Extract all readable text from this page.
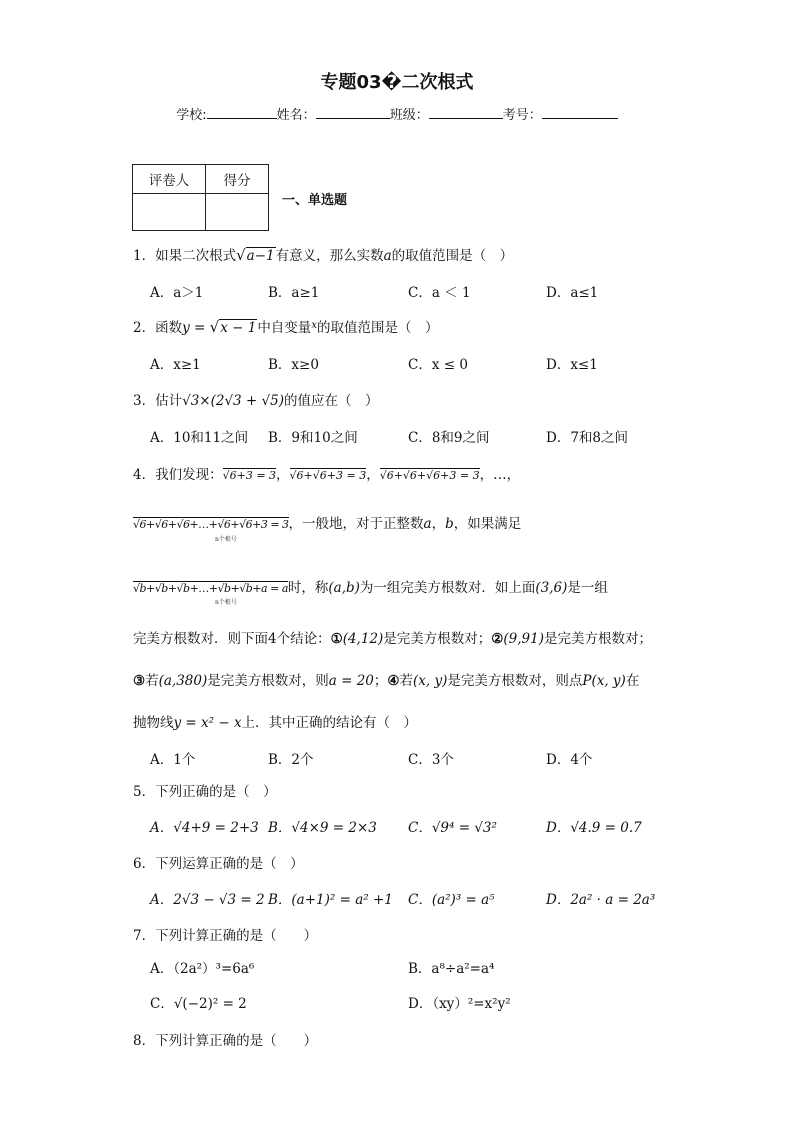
专题03�二次根式
学校:	姓名：	班级：	考号：
评卷人	得分

一、单选题
1．如果二次根式√a−1有意义，那么实数a的取值范围是（　）
A．a＞1	B．a≥1	C．a ＜ 1	D．a≤1
2．函数y = √x − 1中自变量$^x$的取值范围是（　）
A．x≥1	B．x≥0	C．x ≤ 0	D．x≤1
3．估计√3×(2√3 + √5)的值应在（　）
A．10和11之间 B．9和10之间	C．8和9之间	D．7和8之间
4．我们发现：√6+3 = 3，√6+√6+3 = 3，√6+√6+√6+3 = 3，…，
√6+√6+√6+…+√6+√6+3 = 3，一般地，对于正整数a，b，如果满足
n个根号
√b+√b+√b+…+√b+√b+a = a时，称(a,b)为一组完美方根数对．如上面(3,6)是一组
n个根号
完美方根数对．则下面4个结论：①(4,12)是完美方根数对；②(9,91)是完美方根数对；
③若(a,380)是完美方根数对，则a = 20；④若(x, y)是完美方根数对，则点P(x, y)在
抛物线y = x² − x上．其中正确的结论有（　）
A．1个	B．2个	C．3个	D．4个
5．下列正确的是（　）
A．√4+9 = 2+3 B．√4×9 = 2×3 C．√9⁴ = √3²	D．√4.9 = 0.7
6．下列运算正确的是（　）
A．2√3 − √3 = 2 B．(a+1)² = a² +1 C．(a²)³ = a⁵	D．2a² · a = 2a³
7．下列计算正确的是（　　）
A．（2a²）³=6a⁶	B．a⁸÷a²=a⁴
C．√(−2)² = 2	D．（xy）²=x²y²
8．下列计算正确的是（　　）
